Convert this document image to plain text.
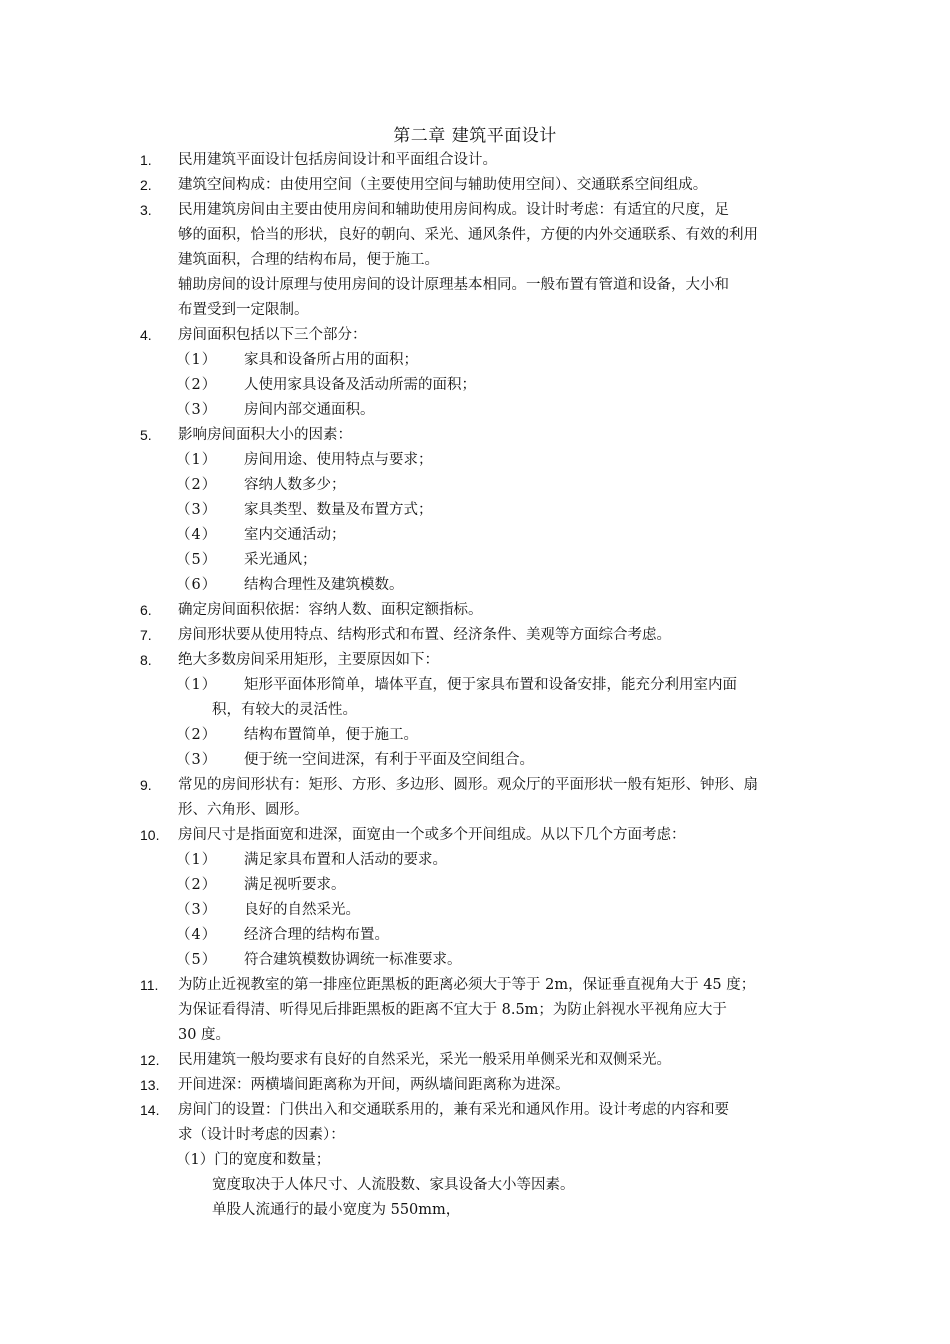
第二章 建筑平面设计
1.	民用建筑平面设计包括房间设计和平面组合设计。
2.	建筑空间构成：由使用空间（主要使用空间与辅助使用空间）、交通联系空间组成。
3.	民用建筑房间由主要由使用房间和辅助使用房间构成。设计时考虑：有适宜的尺度，足
够的面积，恰当的形状，良好的朝向、采光、通风条件，方便的内外交通联系、有效的利用
建筑面积，合理的结构布局，便于施工。
辅助房间的设计原理与使用房间的设计原理基本相同。一般布置有管道和设备，大小和
布置受到一定限制。
4.	房间面积包括以下三个部分：
（1） 家具和设备所占用的面积；
（2） 人使用家具设备及活动所需的面积；
（3） 房间内部交通面积。
5.	影响房间面积大小的因素：
（1） 房间用途、使用特点与要求；
（2） 容纳人数多少；
（3） 家具类型、数量及布置方式；
（4） 室内交通活动；
（5） 采光通风；
（6） 结构合理性及建筑模数。
6.	确定房间面积依据：容纳人数、面积定额指标。
7.	房间形状要从使用特点、结构形式和布置、经济条件、美观等方面综合考虑。
8.	绝大多数房间采用矩形，主要原因如下：
（1） 矩形平面体形简单，墙体平直，便于家具布置和设备安排，能充分利用室内面
积，有较大的灵活性。
（2） 结构布置简单，便于施工。
（3） 便于统一空间进深，有利于平面及空间组合。
9.	常见的房间形状有：矩形、方形、多边形、圆形。观众厅的平面形状一般有矩形、钟形、扇
形、六角形、圆形。
10.	房间尺寸是指面宽和进深，面宽由一个或多个开间组成。从以下几个方面考虑：
（1） 满足家具布置和人活动的要求。
（2） 满足视听要求。
（3） 良好的自然采光。
（4） 经济合理的结构布置。
（5） 符合建筑模数协调统一标准要求。
11.	为防止近视教室的第一排座位距黑板的距离必须大于等于 2m，保证垂直视角大于 45 度；
为保证看得清、听得见后排距黑板的距离不宜大于 8.5m；为防止斜视水平视角应大于
30 度。
12.	民用建筑一般均要求有良好的自然采光，采光一般采用单侧采光和双侧采光。
13.	开间进深：两横墙间距离称为开间，两纵墙间距离称为进深。
14.	房间门的设置：门供出入和交通联系用的，兼有采光和通风作用。设计考虑的内容和要
求（设计时考虑的因素）：
（1）门的宽度和数量；
宽度取决于人体尺寸、人流股数、家具设备大小等因素。
单股人流通行的最小宽度为 550mm，
